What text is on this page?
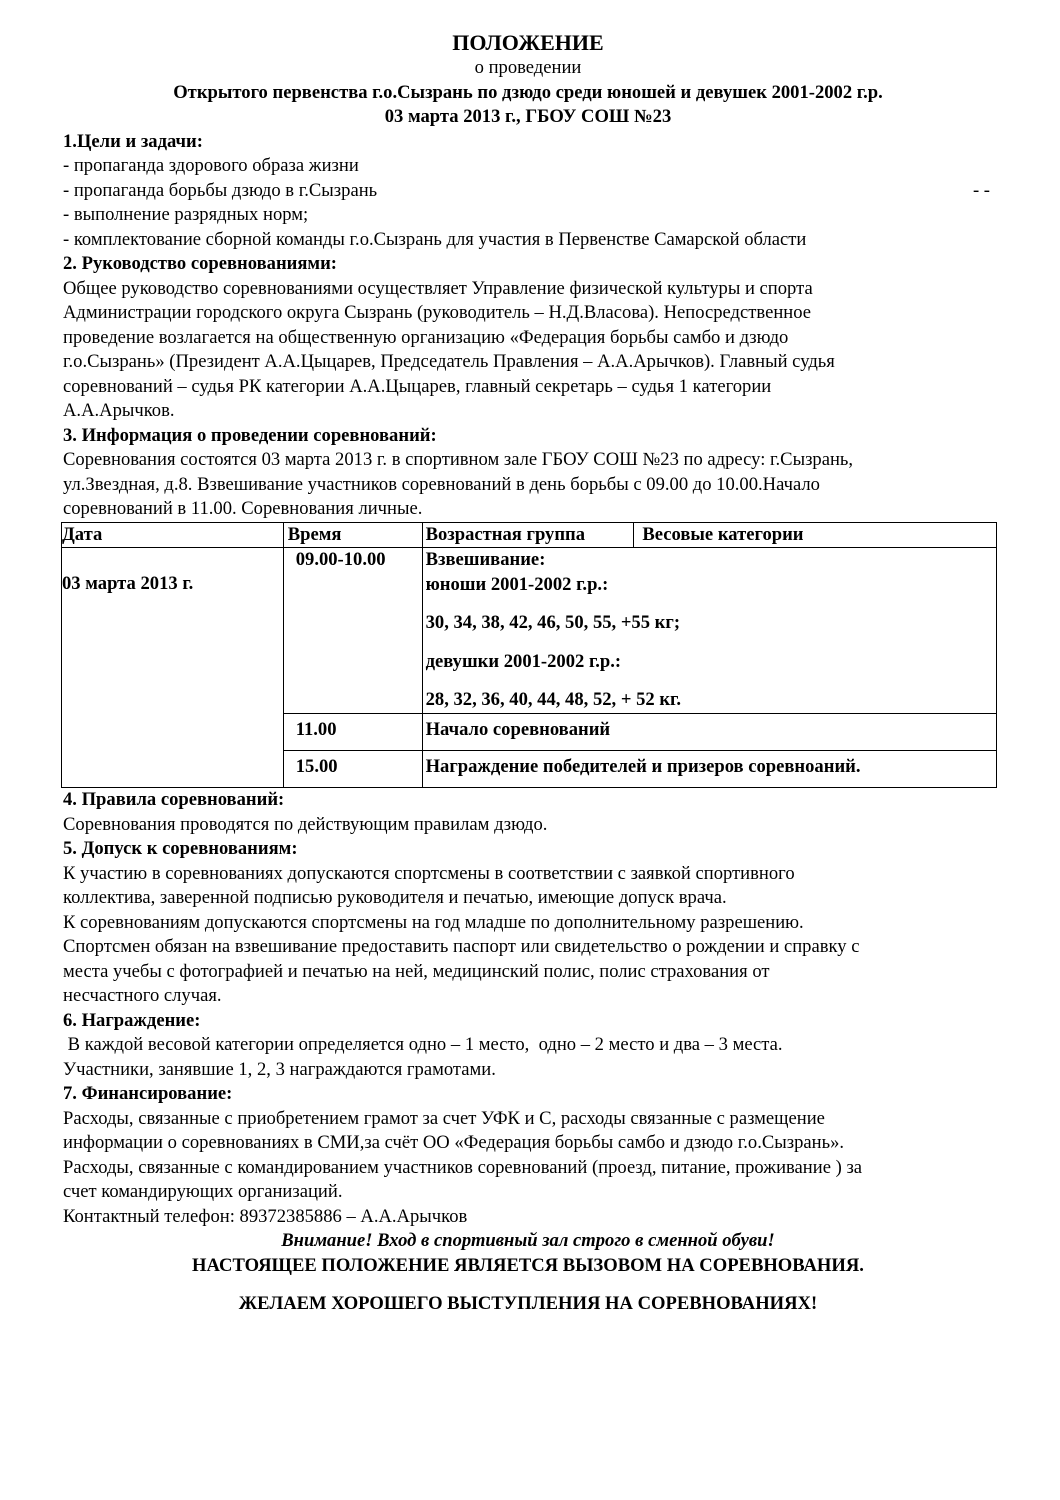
ПОЛОЖЕНИЕ
о проведении
Открытого первенства г.о.Сызрань по дзюдо среди юношей и девушек 2001-2002 г.р.
03 марта 2013 г., ГБОУ СОШ №23

1.Цели и задачи:

- пропаганда здорового образа жизни

- пропаганда борьбы дзюдо в г.Сызрань	- -

- выполнение разрядных норм;

- комплектование сборной команды г.о.Сызрань для участия в Первенстве Самарской области

2. Руководство соревнованиями:

Общее руководство соревнованиями осуществляет Управление физической культуры и спорта

Администрации городского округа Сызрань (руководитель – Н.Д.Власова). Непосредственное

проведение возлагается на общественную организацию «Федерация борьбы самбо и дзюдо

г.о.Сызрань» (Президент А.А.Цыцарев, Председатель Правления – А.А.Арычков). Главный судья

соревнований – судья РК категории А.А.Цыцарев, главный секретарь – судья 1 категории

А.А.Арычков.

3. Информация о проведении соревнований:

Соревнования состоятся 03 марта 2013 г. в спортивном зале ГБОУ СОШ №23 по адресу: г.Сызрань,

ул.Звездная, д.8. Взвешивание участников соревнований в день борьбы с 09.00 до 10.00.Начало

соревнований в 11.00. Соревнования личные.

Дата	Время	Возрастная группа	Весовые категории
03 марта 2013 г.	09.00-10.00	Взвешивание:
юноши 2001-2002 г.р.:
30, 34, 38, 42, 46, 50, 55, +55 кг;
девушки 2001-2002 г.р.:
28, 32, 36, 40, 44, 48, 52, + 52 кг.	

	11.00	Начало соревнований	
	15.00	Награждение победителей и призеров соревноаний.	

4. Правила соревнований:

Соревнования проводятся по действующим правилам дзюдо.

5. Допуск к соревнованиям:

К участию в соревнованиях допускаются спортсмены в соответствии с заявкой спортивного

коллектива, заверенной подписью руководителя и печатью, имеющие допуск врача.

К соревнованиям допускаются спортсмены на год младше по дополнительному разрешению.

Спортсмен обязан на взвешивание предоставить паспорт или свидетельство о рождении и справку с

места учебы с фотографией и печатью на ней, медицинский полис, полис страхования от

несчастного случая.

6. Награждение:

В каждой весовой категории определяется одно – 1 место,  одно – 2 место и два – 3 места.

Участники, занявшие 1, 2, 3 награждаются грамотами.

7. Финансирование:

Расходы, связанные с приобретением грамот за счет УФК и С, расходы связанные с размещение

информации о соревнованиях в СМИ,за счёт ОО «Федерация борьбы самбо и дзюдо г.о.Сызрань».

Расходы, связанные с командированием участников соревнований (проезд, питание, проживание ) за

счет командирующих организаций.

Контактный телефон: 89372385886 – А.А.Арычков

Внимание! Вход в спортивный зал строго в сменной обуви!
НАСТОЯЩЕЕ ПОЛОЖЕНИЕ ЯВЛЯЕТСЯ ВЫЗОВОМ НА СОРЕВНОВАНИЯ.
ЖЕЛАЕМ ХОРОШЕГО ВЫСТУПЛЕНИЯ НА СОРЕВНОВАНИЯХ!
